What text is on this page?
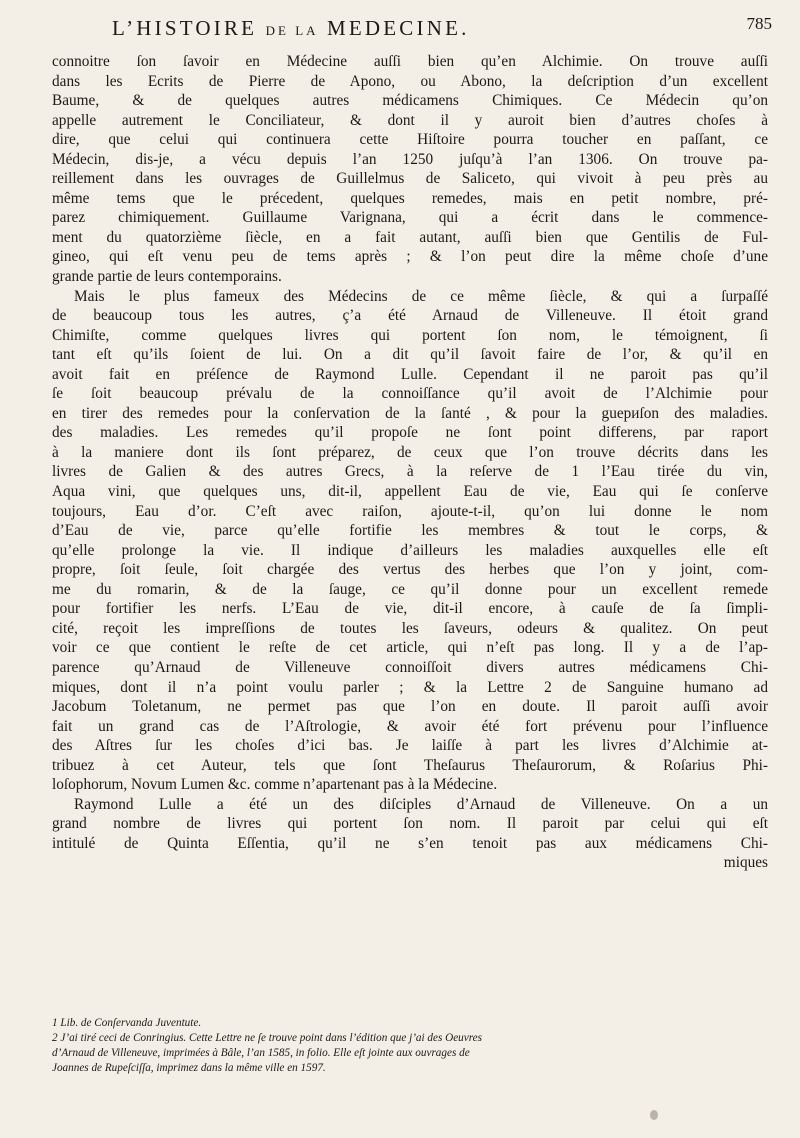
L’HISTOIRE DE LA MEDECINE.	785
connoitre ſon ſavoir en Médecine auſſi bien qu’en Alchimie. On trouve auſſi
dans les Ecrits de Pierre de Apono, ou Abono, la deſcription d’un excellent
Baume, & de quelques autres médicamens Chimiques. Ce Médecin qu’on
appelle autrement le Conciliateur, & dont il y auroit bien d’autres choſes à
dire, que celui qui continuera cette Hiſtoire pourra toucher en paſſant, ce
Médecin, dis-je, a vécu depuis l’an 1250 juſqu’à l’an 1306. On trouve pa-
reillement dans les ouvrages de Guillelmus de Saliceto, qui vivoit à peu près au
même tems que le précedent, quelques remedes, mais en petit nombre, pré-
parez chimiquement. Guillaume Varignana, qui a écrit dans le commence-
ment du quatorzième ſiècle, en a fait autant, auſſi bien que Gentilis de Ful-
gineo, qui eſt venu peu de tems après ; & l’on peut dire la même choſe d’une
grande partie de leurs contemporains.
Mais le plus fameux des Médecins de ce même ſiècle, & qui a ſurpaſſé
de beaucoup tous les autres, ç’a été Arnaud de Villeneuve. Il étoit grand
Chimiſte, comme quelques livres qui portent ſon nom, le témoignent, ſi
tant eſt qu’ils ſoient de lui. On a dit qu’il ſavoit faire de l’or, & qu’il en
avoit fait en préſence de Raymond Lulle. Cependant il ne paroit pas qu’il
ſe ſoit beaucoup prévalu de la connoiſſance qu’il avoit de l’Alchimie pour
en tirer des remedes pour la conſervation de la ſanté , & pour la guериſon des maladies.
des maladies. Les remedes qu’il propoſe ne ſont point differens, par raport
à la maniere dont ils ſont préparez, de ceux que l’on trouve décrits dans les
livres de Galien & des autres Grecs, à la reſerve de 1 l’Eau tirée du vin,
Aqua vini, que quelques uns, dit-il, appellent Eau de vie, Eau qui ſe conſerve
toujours, Eau d’or. C’eſt avec raiſon, ajoute-t-il, qu’on lui donne le nom
d’Eau de vie, parce qu’elle fortifie les membres & tout le corps, &
qu’elle prolonge la vie. Il indique d’ailleurs les maladies auxquelles elle eſt
propre, ſoit ſeule, ſoit chargée des vertus des herbes que l’on y joint, com-
me du romarin, & de la ſauge, ce qu’il donne pour un excellent remede
pour fortifier les nerfs. L’Eau de vie, dit-il encore, à cauſe de ſa ſimpli-
cité, reçoit les impreſſions de toutes les ſaveurs, odeurs & qualitez. On peut
voir ce que contient le reſte de cet article, qui n’eſt pas long. Il y a de l’ap-
parence qu’Arnaud de Villeneuve connoiſſoit divers autres médicamens Chi-
miques, dont il n’a point voulu parler ; & la Lettre 2 de Sanguine humano ad
Jacobum Toletanum, ne permet pas que l’on en doute. Il paroit auſſi avoir
fait un grand cas de l’Aſtrologie, & avoir été fort prévenu pour l’influence
des Aſtres ſur les choſes d’ici bas. Je laiſſe à part les livres d’Alchimie at-
tribuez à cet Auteur, tels que ſont Theſaurus Theſaurorum, & Roſarius Phi-
loſophorum, Novum Lumen &c. comme n’apartenant pas à la Médecine.
Raymond Lulle a été un des diſciples d’Arnaud de Villeneuve. On a un
grand nombre de livres qui portent ſon nom. Il paroit par celui qui eſt
intitulé de Quinta Eſſentia, qu’il ne s’en tenoit pas aux médicamens Chi-
miques
1 Lib. de Conſervanda Juventute.
2 J’ai tiré ceci de Conringius. Cette Lettre ne ſe trouve point dans l’édition que j’ai des Oeuvres
d’Arnaud de Villeneuve, imprimées à Bâle, l’an 1585, in folio. Elle eſt jointe aux ouvrages de
Joannes de Rupeſciſſa, imprimez dans la même ville en 1597.
